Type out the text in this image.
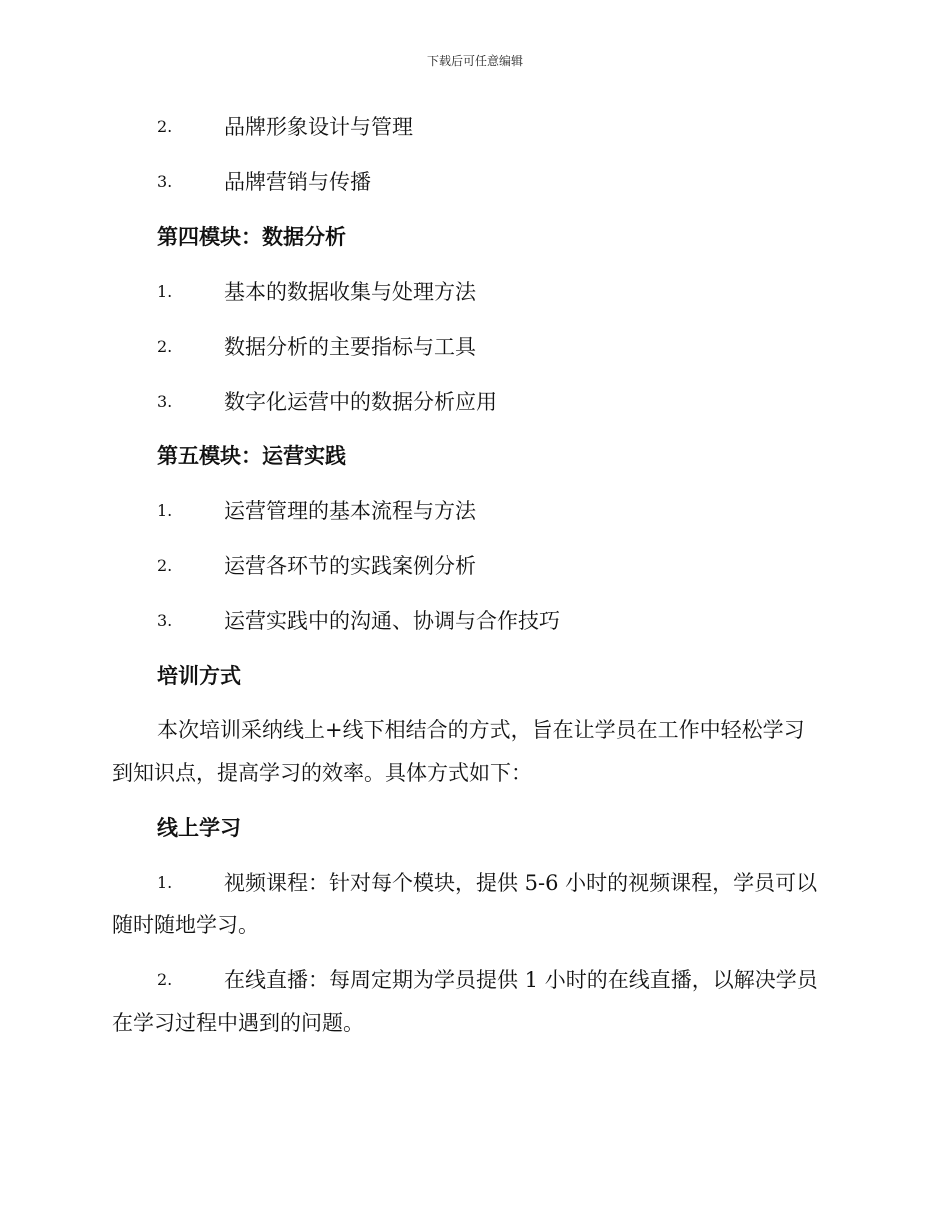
下载后可任意编辑
2. 品牌形象设计与管理
3. 品牌营销与传播
第四模块：数据分析
1. 基本的数据收集与处理方法
2. 数据分析的主要指标与工具
3. 数字化运营中的数据分析应用
第五模块：运营实践
1. 运营管理的基本流程与方法
2. 运营各环节的实践案例分析
3. 运营实践中的沟通、协调与合作技巧
培训方式
本次培训采纳线上+线下相结合的方式，旨在让学员在工作中轻松学习
到知识点，提高学习的效率。具体方式如下：
线上学习
1. 视频课程：针对每个模块，提供 5-6 小时的视频课程，学员可以
随时随地学习。
2. 在线直播：每周定期为学员提供 1 小时的在线直播，以解决学员
在学习过程中遇到的问题。
